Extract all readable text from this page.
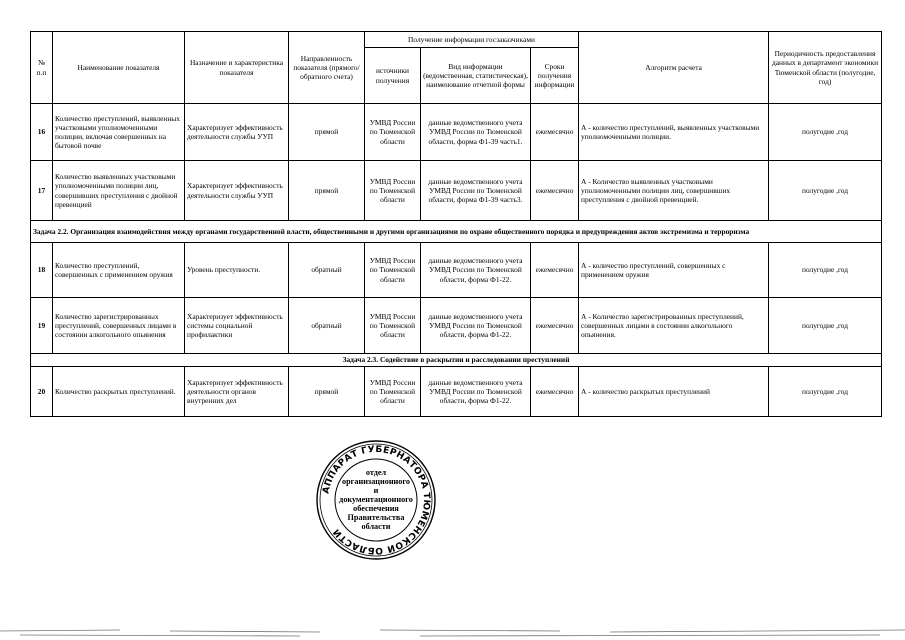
№ п.п	Наименование показателя	Назначение и характеристика показателя	Направленность показателя (прямого/обратного счета)	Получение информации госзаказчиками			Алгоритм расчета	Периодичность предоставления данных в департамент экономики Тюменской области (полугодие, год)
				источники получения	Вид информации (ведомственная, статистическая), наименование отчетной формы	Сроки получения информации		
16	Количество преступлений, выявленных участковыми уполномоченными полиции, включая совершенных на бытовой почве	Характеризует эффективность деятельности службы УУП	прямой	УМВД России по Тюменской области	данные ведомственного учета УМВД России по Тюменской области, форма Ф1-39 часть1.	ежемесячно	А - количество преступлений, выявленных участковыми уполномоченными полиции.	полугодие ,год
17	Количество выявленных участковыми уполномоченными полиции лиц, совершивших преступления с двойной превенцией	Характеризует эффективность деятельности службы УУП	прямой	УМВД России по Тюменской области	данные ведомственного учета УМВД России по Тюменской области, форма Ф1-39 часть3.	ежемесячно	А - Количество выявленных участковыми уполномоченными полиции лиц, совершивших преступления с двойной превенцией.	полугодие ,год
Задача 2.2. Организация взаимодействия между органами государственной власти, общественными и другими организациями по охране общественного порядка и предупреждения актов экстремизма и терроризма								
18	Количество преступлений, совершенных с применением оружия	Уровень преступности.	обратный	УМВД России по Тюменской области	данные ведомственного учета УМВД России по Тюменской области, форма Ф1-22.	ежемесячно	А - количество преступлений, совершенных с применением оружия	полугодие ,год
19	Количество зарегистрированных преступлений, совершенных лицами в состоянии алкогольного опьянения	Характеризует эффективность системы социальной профилактики	обратный	УМВД России по Тюменской области	данные ведомственного учета УМВД России по Тюменской области, форма Ф1-22.	ежемесячно	А - Количество зарегистрированных преступлений, совершенных лицами в состоянии алкогольного опьянения.	полугодие ,год
Задача 2.3. Содействие в раскрытии и расследовании преступлений								
20	Количество раскрытых преступлений.	Характеризует эффективность деятельности органов внутренних дел	прямой	УМВД России по Тюменской области	данные ведомственного учета УМВД России по Тюменской области, форма Ф1-22.	ежемесячно	А - количество раскрытых преступлений	полугодие ,год
АППАРАТ ГУБЕРНАТОРА ТЮМЕНСКОЙ ОБЛАСТИ
отдел
организационного
и
документационного
обеспечения
Правительства
области
